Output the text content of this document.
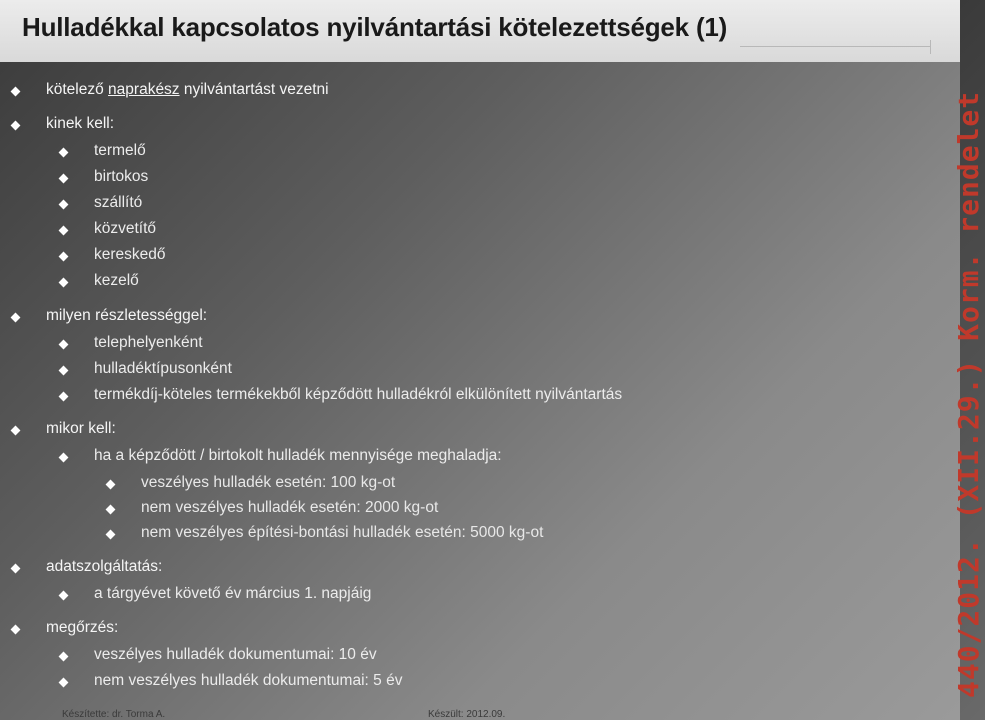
Hulladékkal kapcsolatos nyilvántartási kötelezettségek (1)
kötelező naprakész nyilvántartást vezetni
kinek kell:
termelő
birtokos
szállító
közvetítő
kereskedő
kezelő
milyen részletességgel:
telephelyenként
hulladéktípusonként
termékdíj-köteles termékekből képződött hulladékról elkülönített nyilvántartás
mikor kell:
ha a képződött / birtokolt hulladék mennyisége meghaladja:
veszélyes hulladék esetén: 100 kg-ot
nem veszélyes hulladék esetén: 2000 kg-ot
nem veszélyes építési-bontási hulladék esetén: 5000 kg-ot
adatszolgáltatás:
a tárgyévet követő év március 1. napjáig
megőrzés:
veszélyes hulladék dokumentumai: 10 év
nem veszélyes hulladék dokumentumai: 5 év	440/2012. (XII.29.) Korm. rendelet
Készítette: dr. Torma A.	Készült: 2012.09.
